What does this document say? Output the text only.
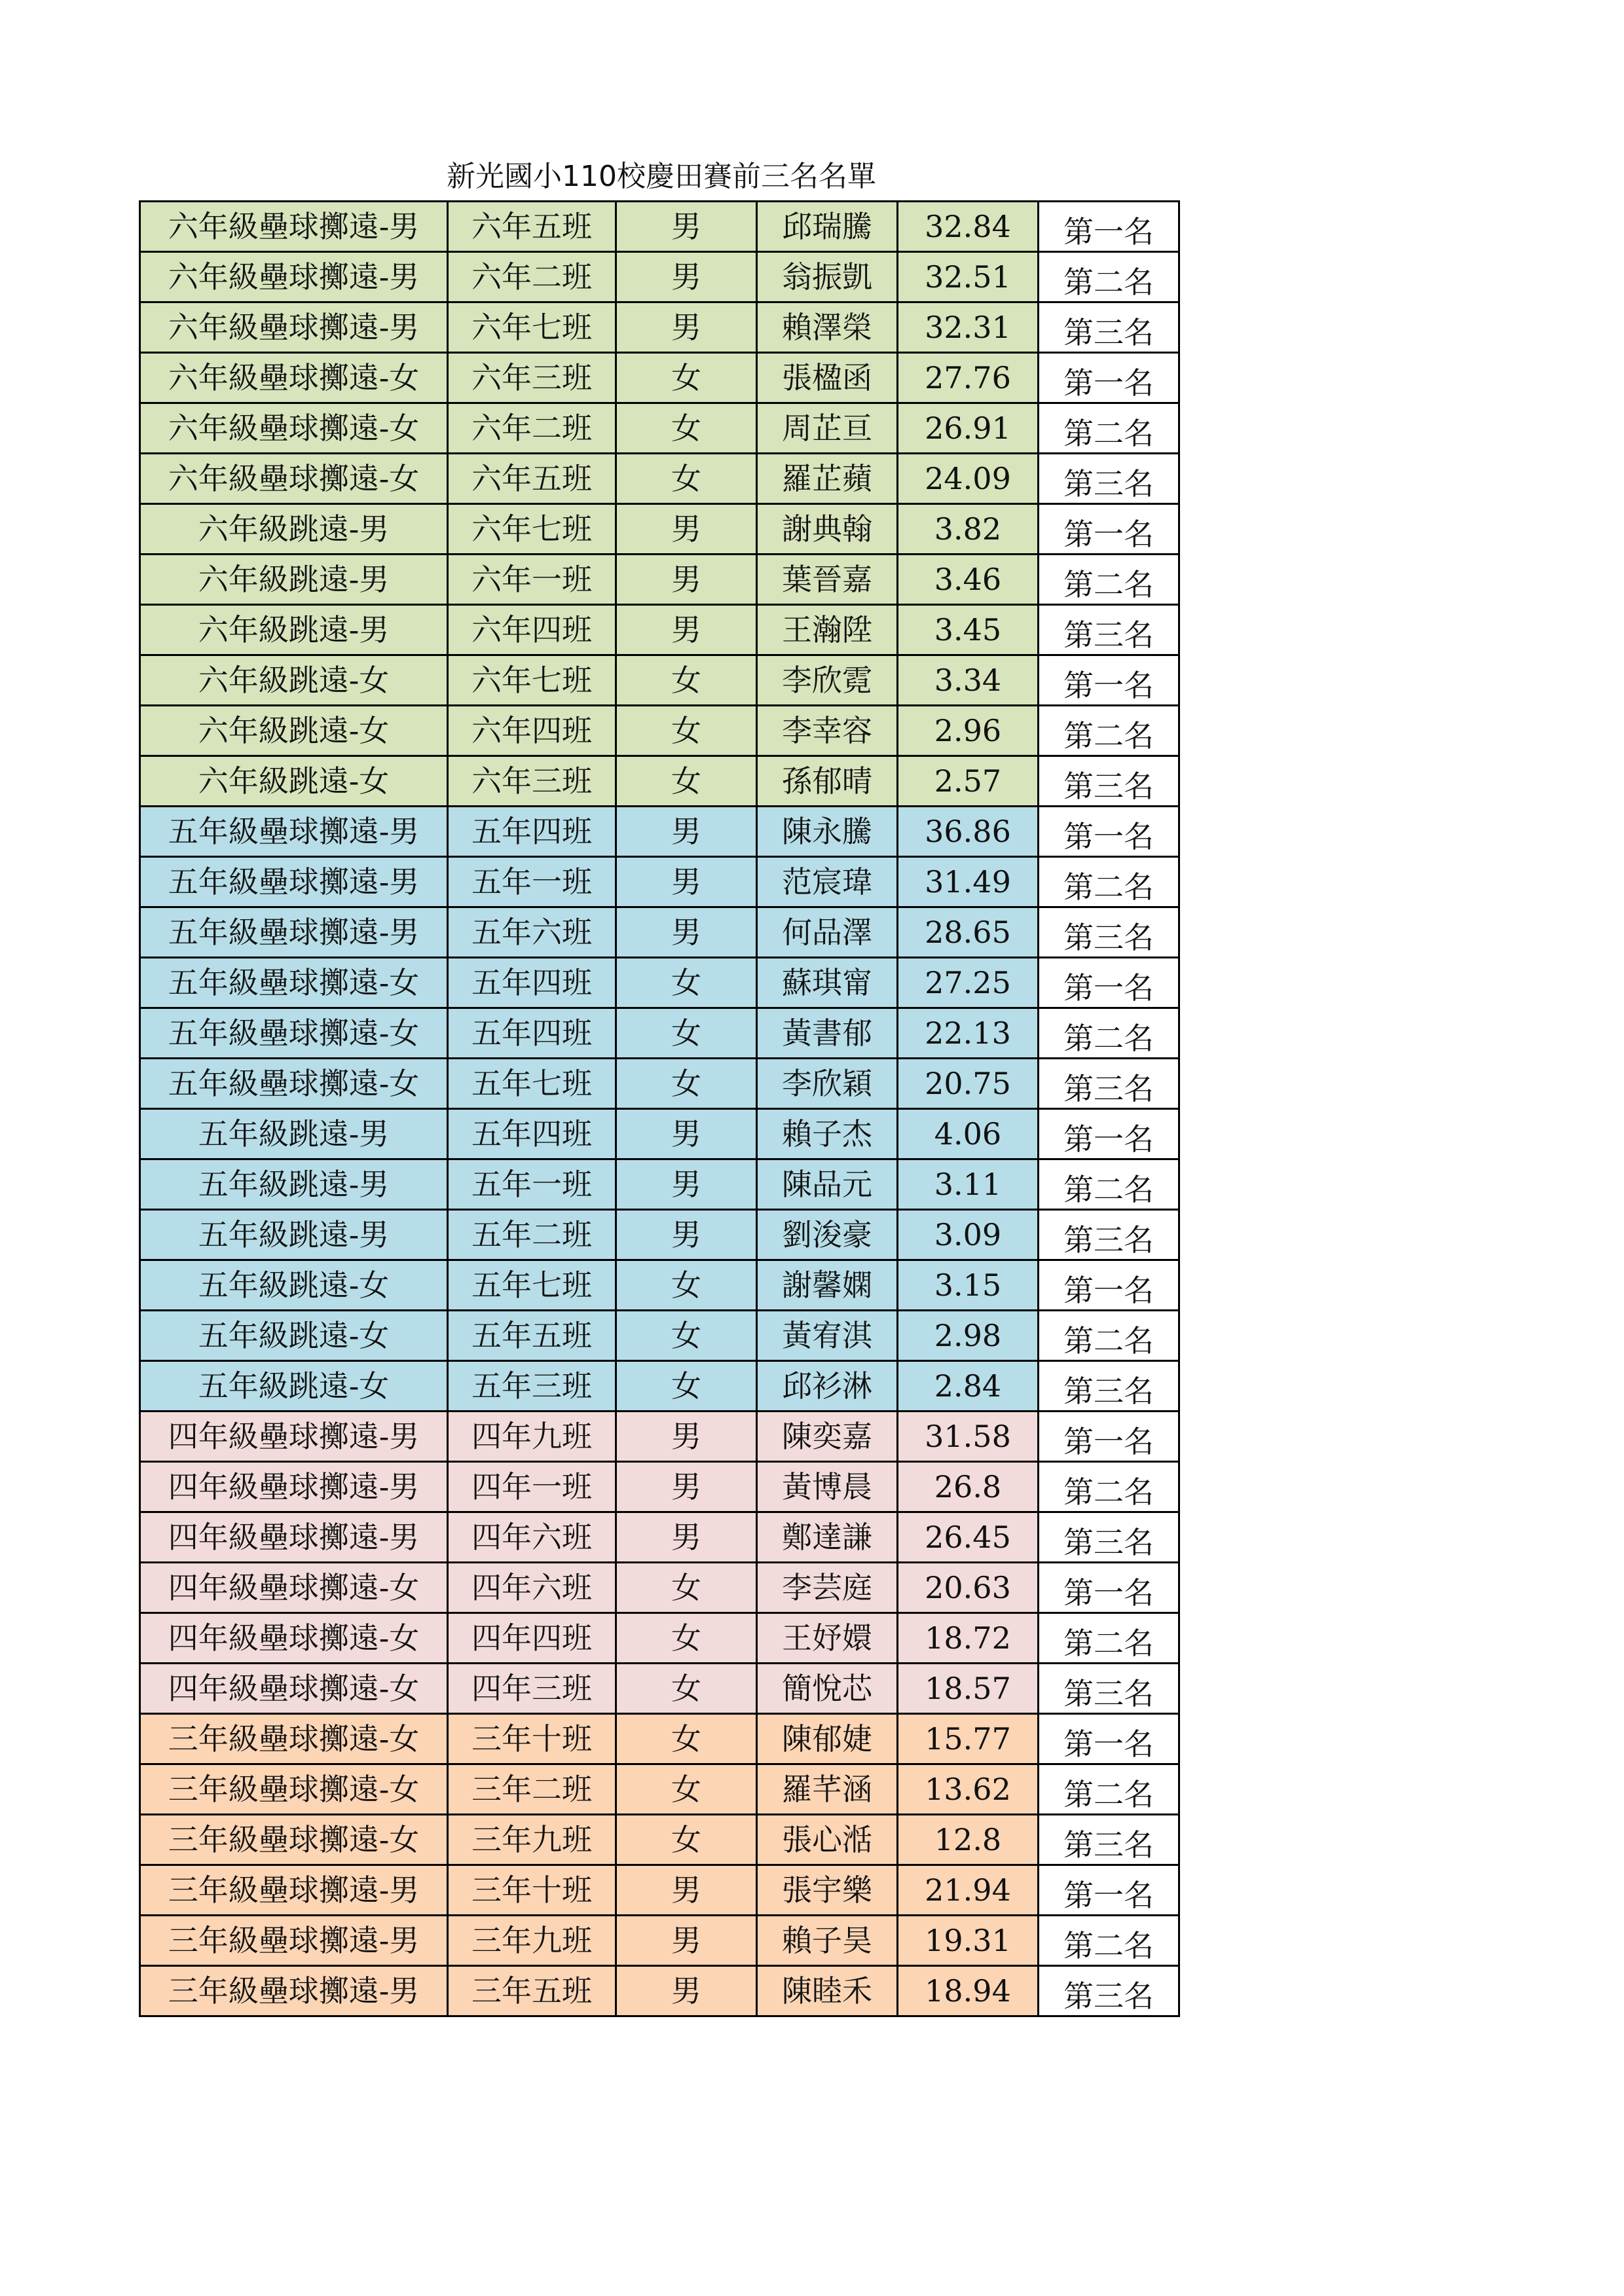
新光國小110校慶田賽前三名名單
六年級壘球擲遠-男	六年五班	男	邱瑞騰	32.84	第一名
六年級壘球擲遠-男	六年二班	男	翁振凱	32.51	第二名
六年級壘球擲遠-男	六年七班	男	賴澤榮	32.31	第三名
六年級壘球擲遠-女	六年三班	女	張楹函	27.76	第一名
六年級壘球擲遠-女	六年二班	女	周芷亘	26.91	第二名
六年級壘球擲遠-女	六年五班	女	羅芷蘋	24.09	第三名
六年級跳遠-男	六年七班	男	謝典翰	3.82	第一名
六年級跳遠-男	六年一班	男	葉晉嘉	3.46	第二名
六年級跳遠-男	六年四班	男	王瀚陞	3.45	第三名
六年級跳遠-女	六年七班	女	李欣霓	3.34	第一名
六年級跳遠-女	六年四班	女	李幸容	2.96	第二名
六年級跳遠-女	六年三班	女	孫郁晴	2.57	第三名
五年級壘球擲遠-男	五年四班	男	陳永騰	36.86	第一名
五年級壘球擲遠-男	五年一班	男	范宸瑋	31.49	第二名
五年級壘球擲遠-男	五年六班	男	何品澤	28.65	第三名
五年級壘球擲遠-女	五年四班	女	蘇琪甯	27.25	第一名
五年級壘球擲遠-女	五年四班	女	黃書郁	22.13	第二名
五年級壘球擲遠-女	五年七班	女	李欣穎	20.75	第三名
五年級跳遠-男	五年四班	男	賴子杰	4.06	第一名
五年級跳遠-男	五年一班	男	陳品元	3.11	第二名
五年級跳遠-男	五年二班	男	劉浚豪	3.09	第三名
五年級跳遠-女	五年七班	女	謝馨嫻	3.15	第一名
五年級跳遠-女	五年五班	女	黃宥淇	2.98	第二名
五年級跳遠-女	五年三班	女	邱衫淋	2.84	第三名
四年級壘球擲遠-男	四年九班	男	陳奕嘉	31.58	第一名
四年級壘球擲遠-男	四年一班	男	黃博晨	26.8	第二名
四年級壘球擲遠-男	四年六班	男	鄭達謙	26.45	第三名
四年級壘球擲遠-女	四年六班	女	李芸庭	20.63	第一名
四年級壘球擲遠-女	四年四班	女	王妤嬛	18.72	第二名
四年級壘球擲遠-女	四年三班	女	簡悅芯	18.57	第三名
三年級壘球擲遠-女	三年十班	女	陳郁婕	15.77	第一名
三年級壘球擲遠-女	三年二班	女	羅芊涵	13.62	第二名
三年級壘球擲遠-女	三年九班	女	張心湉	12.8	第三名
三年級壘球擲遠-男	三年十班	男	張宇樂	21.94	第一名
三年級壘球擲遠-男	三年九班	男	賴子昊	19.31	第二名
三年級壘球擲遠-男	三年五班	男	陳睦禾	18.94	第三名
